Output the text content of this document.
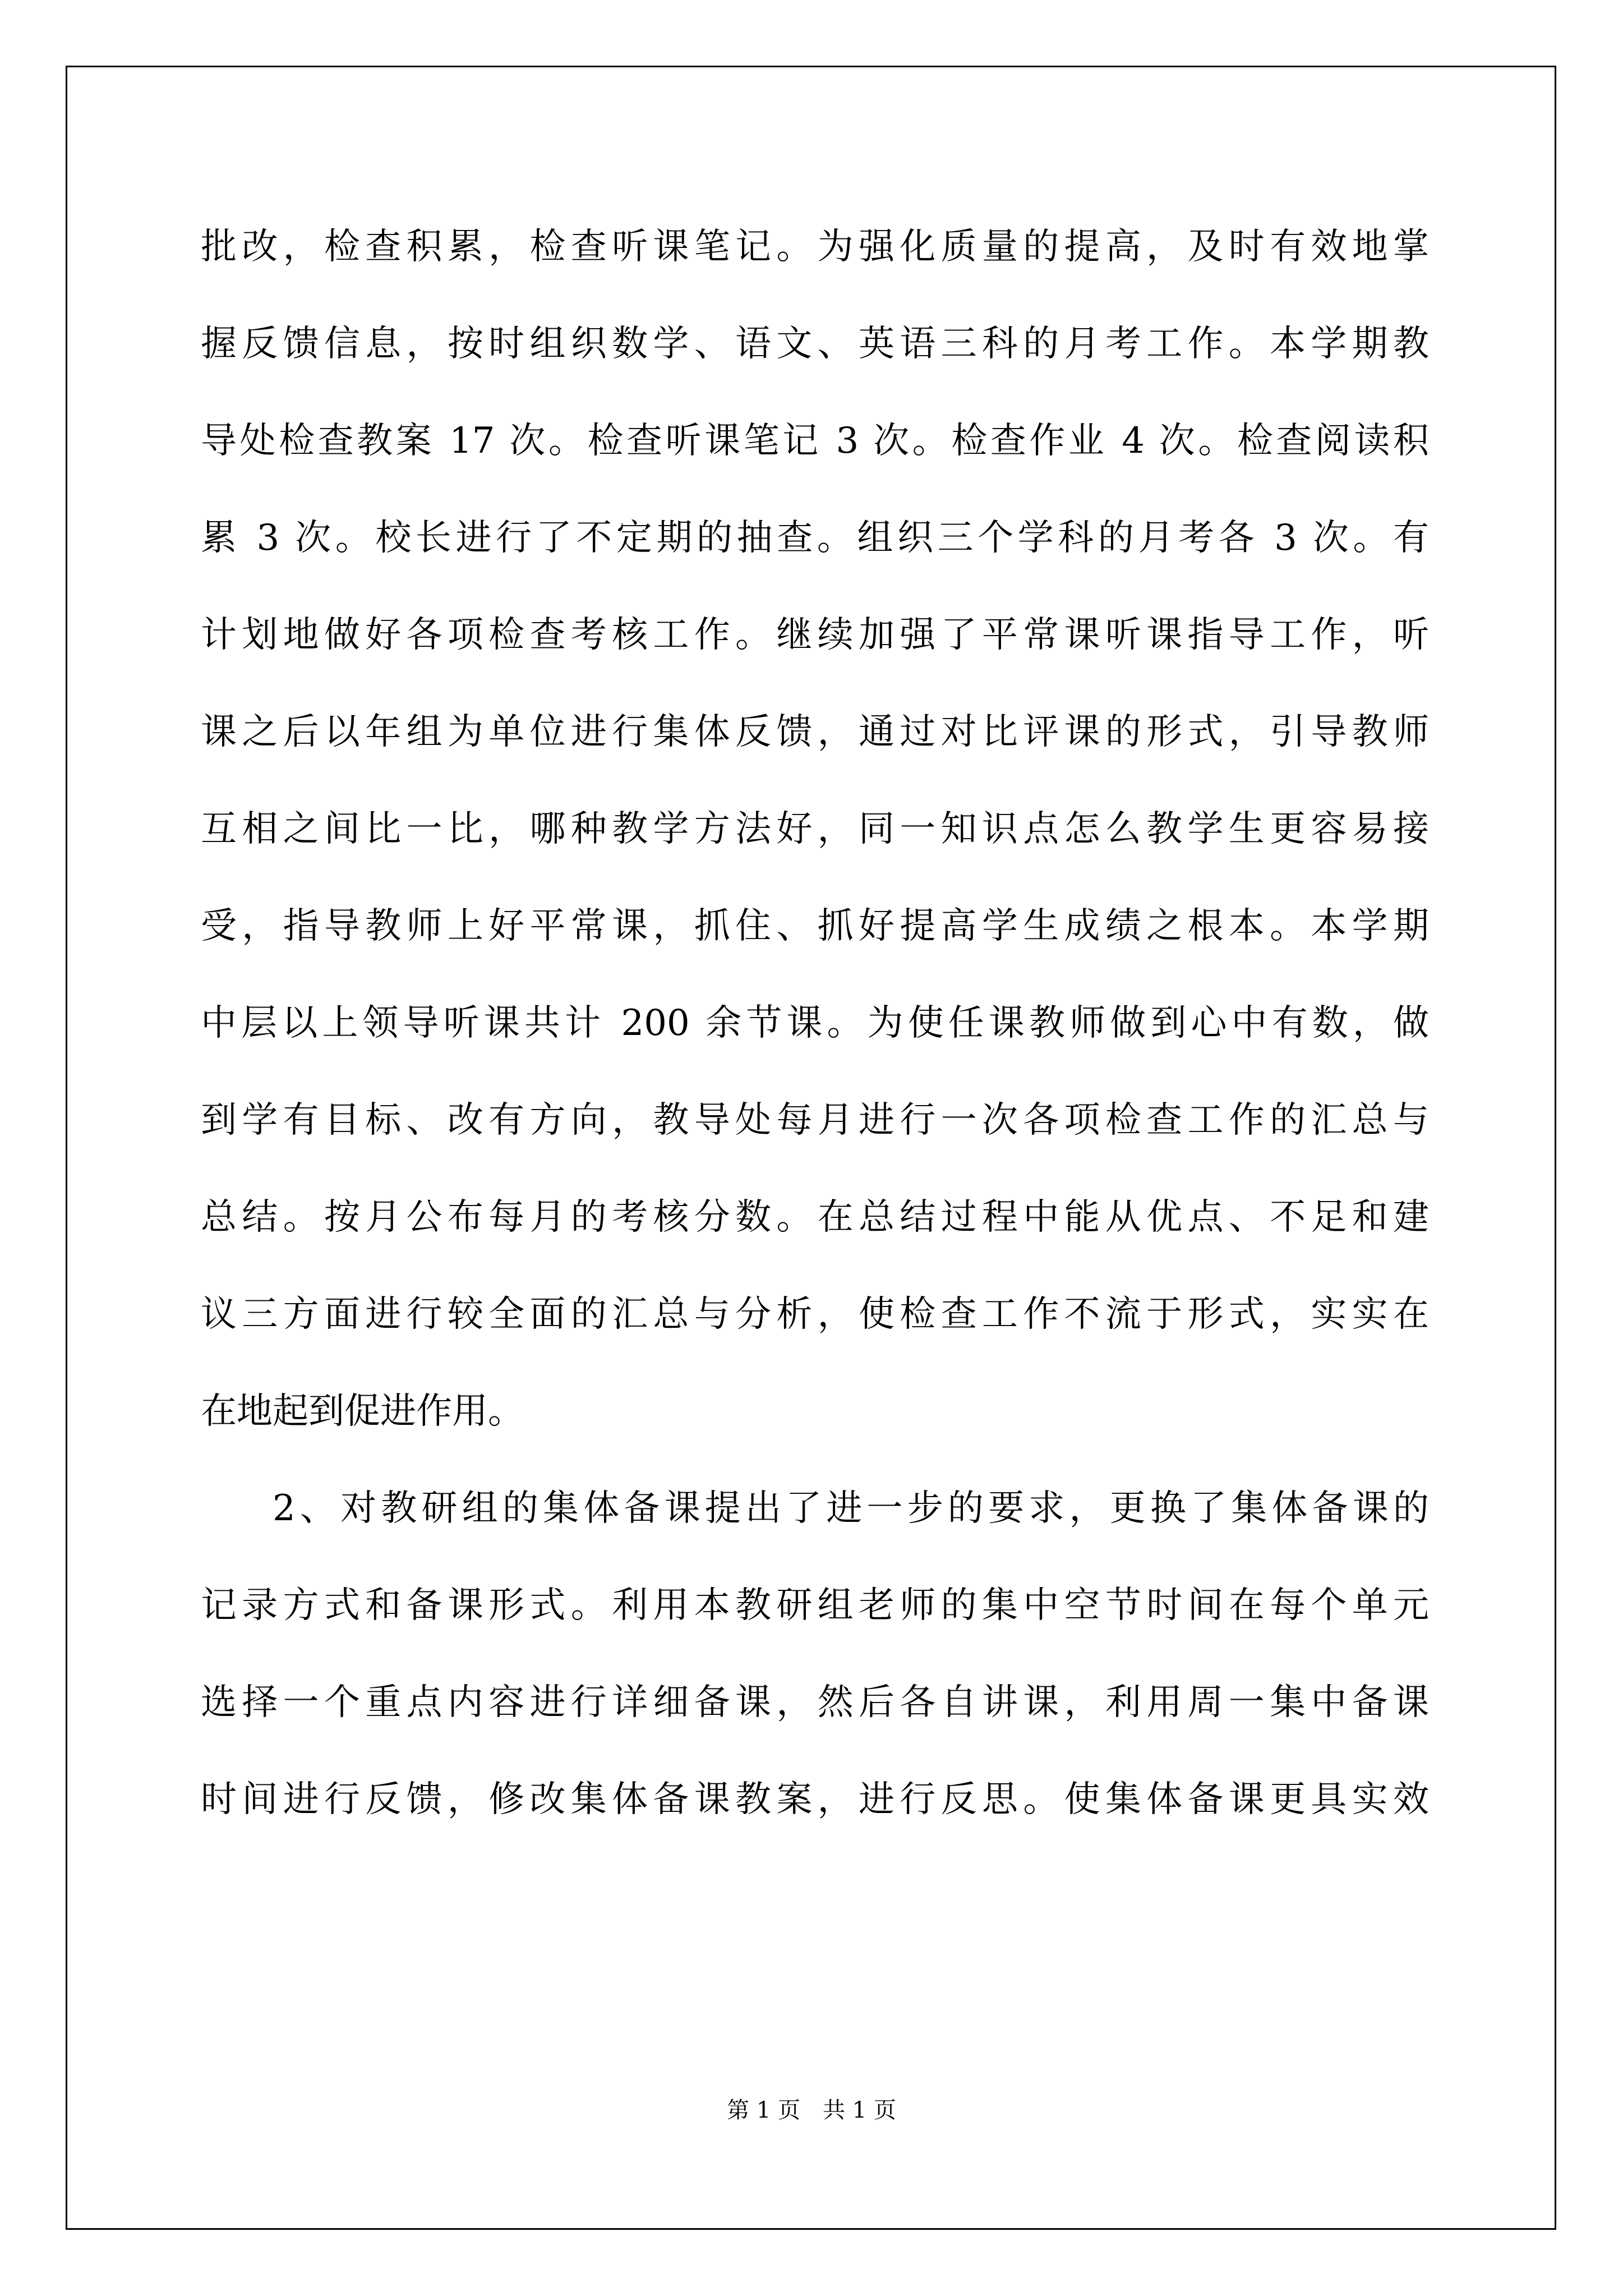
批改，检查积累，检查听课笔记。为强化质量的提高，及时有效地掌
握反馈信息，按时组织数学、语文、英语三科的月考工作。本学期教
导处检查教案 17 次。检查听课笔记 3 次。检查作业 4 次。检查阅读积
累 3 次。校长进行了不定期的抽查。组织三个学科的月考各 3 次。有
计划地做好各项检查考核工作。继续加强了平常课听课指导工作，听
课之后以年组为单位进行集体反馈，通过对比评课的形式，引导教师
互相之间比一比，哪种教学方法好，同一知识点怎么教学生更容易接
受，指导教师上好平常课，抓住、抓好提高学生成绩之根本。本学期
中层以上领导听课共计 200 余节课。为使任课教师做到心中有数，做
到学有目标、改有方向，教导处每月进行一次各项检查工作的汇总与
总结。按月公布每月的考核分数。在总结过程中能从优点、不足和建
议三方面进行较全面的汇总与分析，使检查工作不流于形式，实实在
在地起到促进作用。
2、对教研组的集体备课提出了进一步的要求，更换了集体备课的
记录方式和备课形式。利用本教研组老师的集中空节时间在每个单元
选择一个重点内容进行详细备课，然后各自讲课，利用周一集中备课
时间进行反馈，修改集体备课教案，进行反思。使集体备课更具实效
第 1 页　共 1 页
